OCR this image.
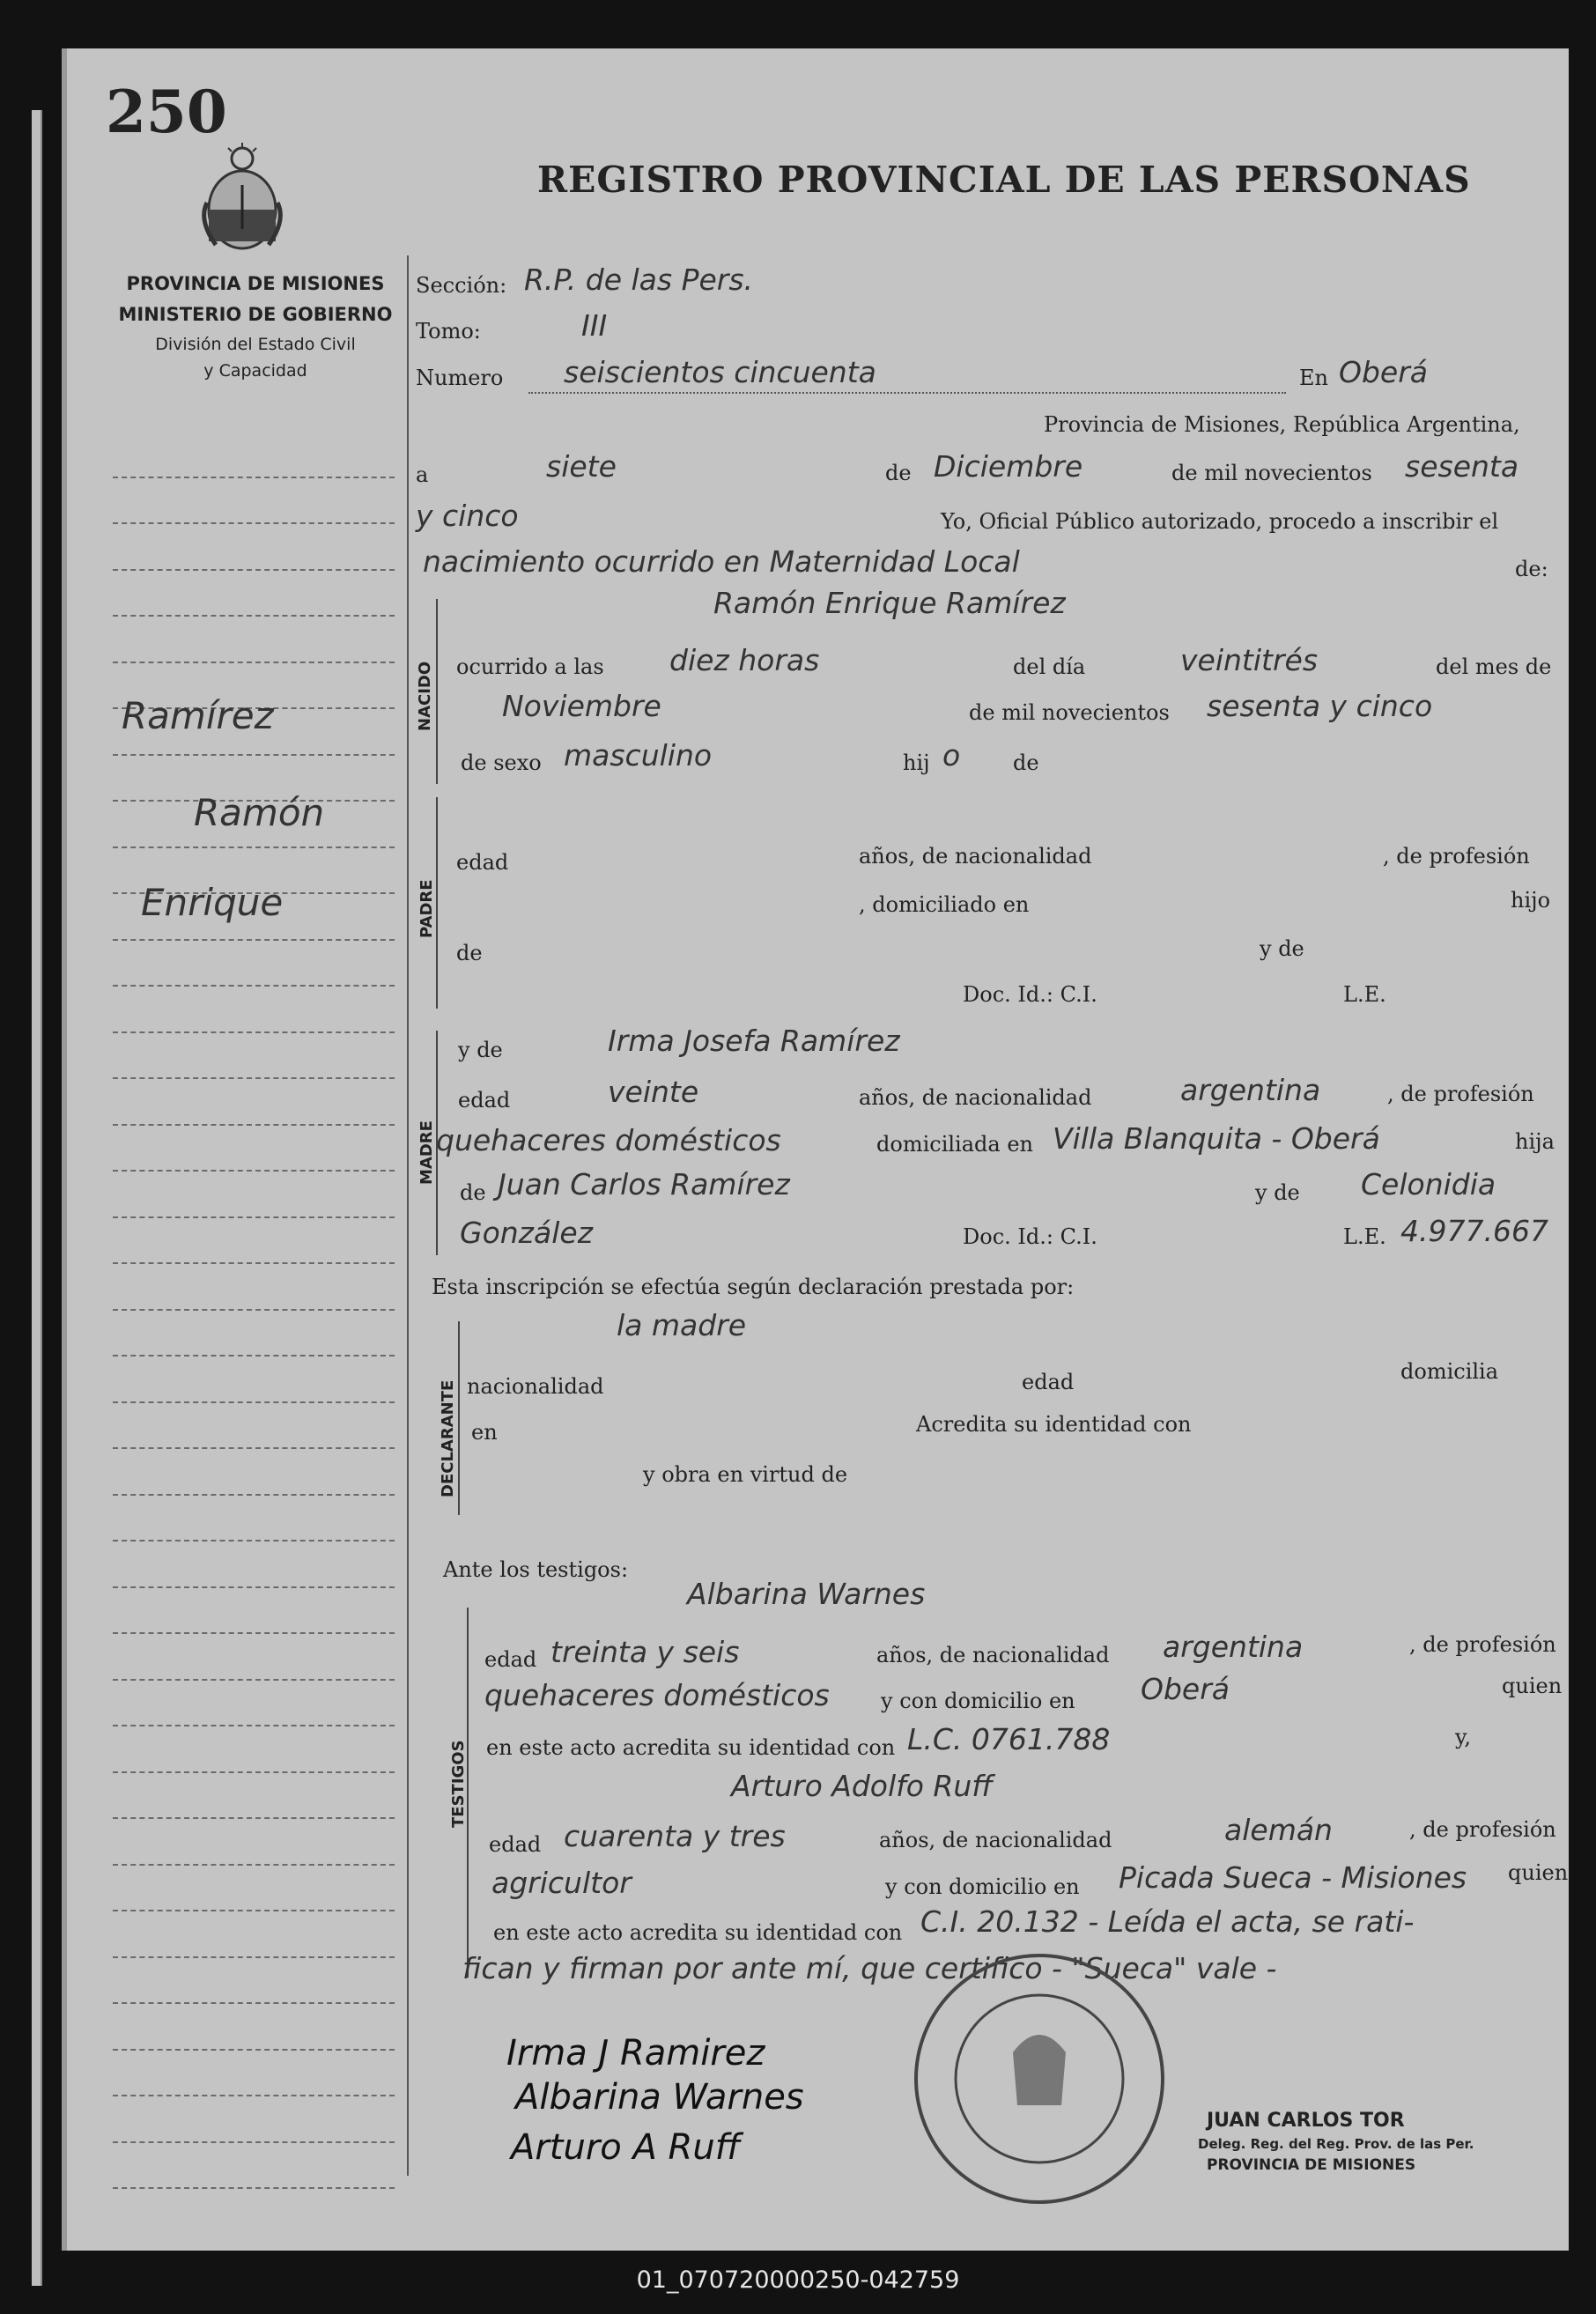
250
REGISTRO PROVINCIAL DE LAS PERSONAS
PROVINCIA DE MISIONES
MINISTERIO DE GOBIERNO
División del Estado Civil
y Capacidad
Ramírez
Ramón
Enrique
Sección: R.P. de las Pers.
Tomo:	III
Numero seiscientos cincuenta	En Oberá
Provincia de Misiones, República Argentina,
a	siete	de Diciembre	de mil novecientos sesenta
y cinco	Yo, Oficial Público autorizado, procedo a inscribir el
nacimiento ocurrido en Maternidad Local	de:
NACIDO
Ramón Enrique Ramírez
ocurrido a las diez horas	del día	veintitrés	del mes de
Noviembre	de mil novecientos sesenta y cinco
de sexo masculino	hij o de
PADRE
edad	años, de nacionalidad	, de profesión
, domiciliado en	hijo
de	y de
Doc. Id.: C.I.	L.E.
MADRE
y de	Irma Josefa Ramírez
edad	veinte	años, de nacionalidad	argentina	, de profesión
quehaceres domésticos	domiciliada en Villa Blanquita - Oberá	hija
de Juan Carlos Ramírez	y de Celonidia
González	Doc. Id.: C.I.	L.E. 4.977.667
Esta inscripción se efectúa según declaración prestada por:
DECLARANTE
la madre
nacionalidad	edad	domicilia
en	Acredita su identidad con
y obra en virtud de
Ante los testigos:
TESTIGOS
Albarina Warnes
edad treinta y seis	años, de nacionalidad argentina	, de profesión
quehaceres domésticos y con domicilio en Oberá	quien
en este acto acredita su identidad con L.C. 0761.788	y,
Arturo Adolfo Ruff
edad cuarenta y tres	años, de nacionalidad	alemán	, de profesión
agricultor	y con domicilio en Picada Sueca - Misiones quien
en este acto acredita su identidad con C.I. 20.132 - Leída el acta, se rati-
fican y firman por ante mí, que certifico - "Sueca" vale -
Irma J Ramirez
Albarina Warnes
Arturo A Ruff
JUAN CARLOS TOR
Deleg. Reg. del Reg. Prov. de las Per.
PROVINCIA DE MISIONES
01_070720000250-042759
